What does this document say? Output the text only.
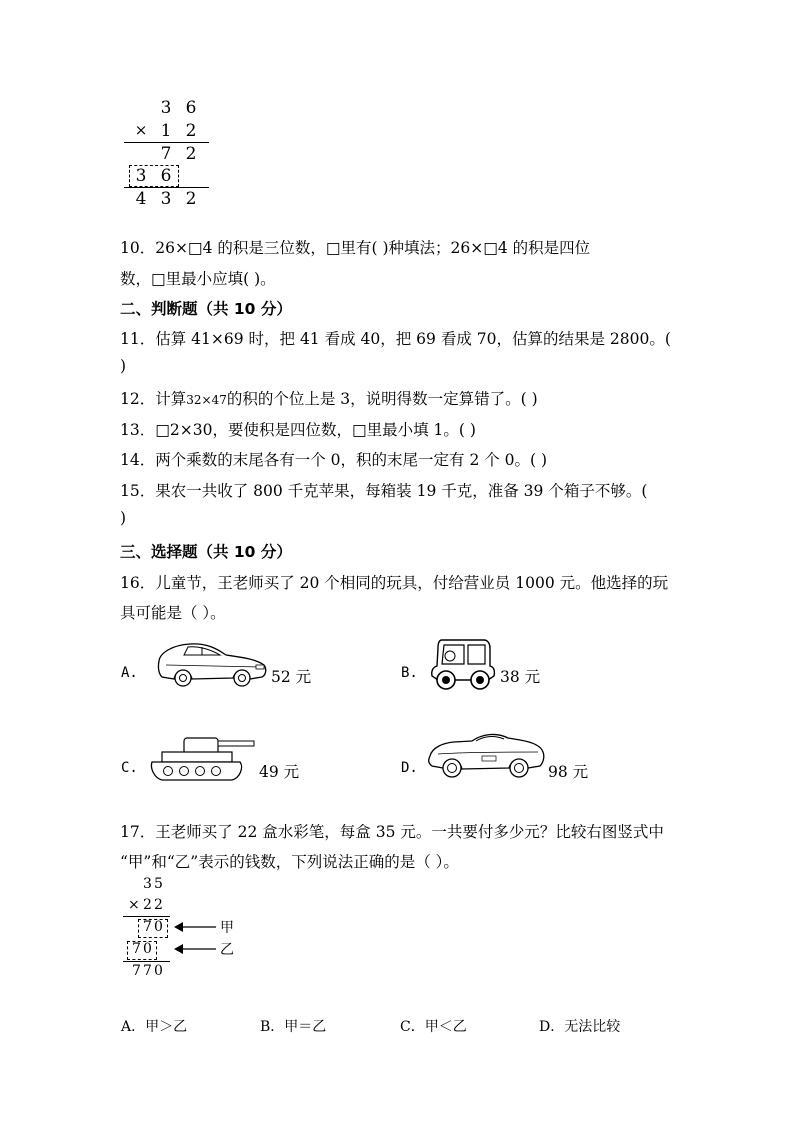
3 6
× 1 2
7 2
3 6
4 3 2
10．26×□4 的积是三位数，□里有( )种填法；26×□4 的积是四位
数，□里最小应填( )。
二、判断题（共 10 分）
11．估算 41×69 时，把 41 看成 40，把 69 看成 70，估算的结果是 2800。(
)
12．计算32×47的积的个位上是 3，说明得数一定算错了。( )
13．□2×30，要使积是四位数，□里最小填 1。( )
14．两个乘数的末尾各有一个 0，积的末尾一定有 2 个 0。( )
15．果农一共收了 800 千克苹果，每箱装 19 千克，准备 39 个箱子不够。(
)
三、选择题（共 10 分）
16．儿童节，王老师买了 20 个相同的玩具，付给营业员 1000 元。他选择的玩
具可能是（ ）。
A.	52 元	B.	38 元
C.	49 元	D.	98 元
17．王老师买了 22 盒水彩笔，每盒 35 元。一共要付多少元？比较右图竖式中
“甲”和“乙”表示的钱数，下列说法正确的是（ ）。
3 5
× 2 2
7 0
7 0
7 7 0
甲
乙
A．甲＞乙	B．甲＝乙	C．甲＜乙	D．无法比较
